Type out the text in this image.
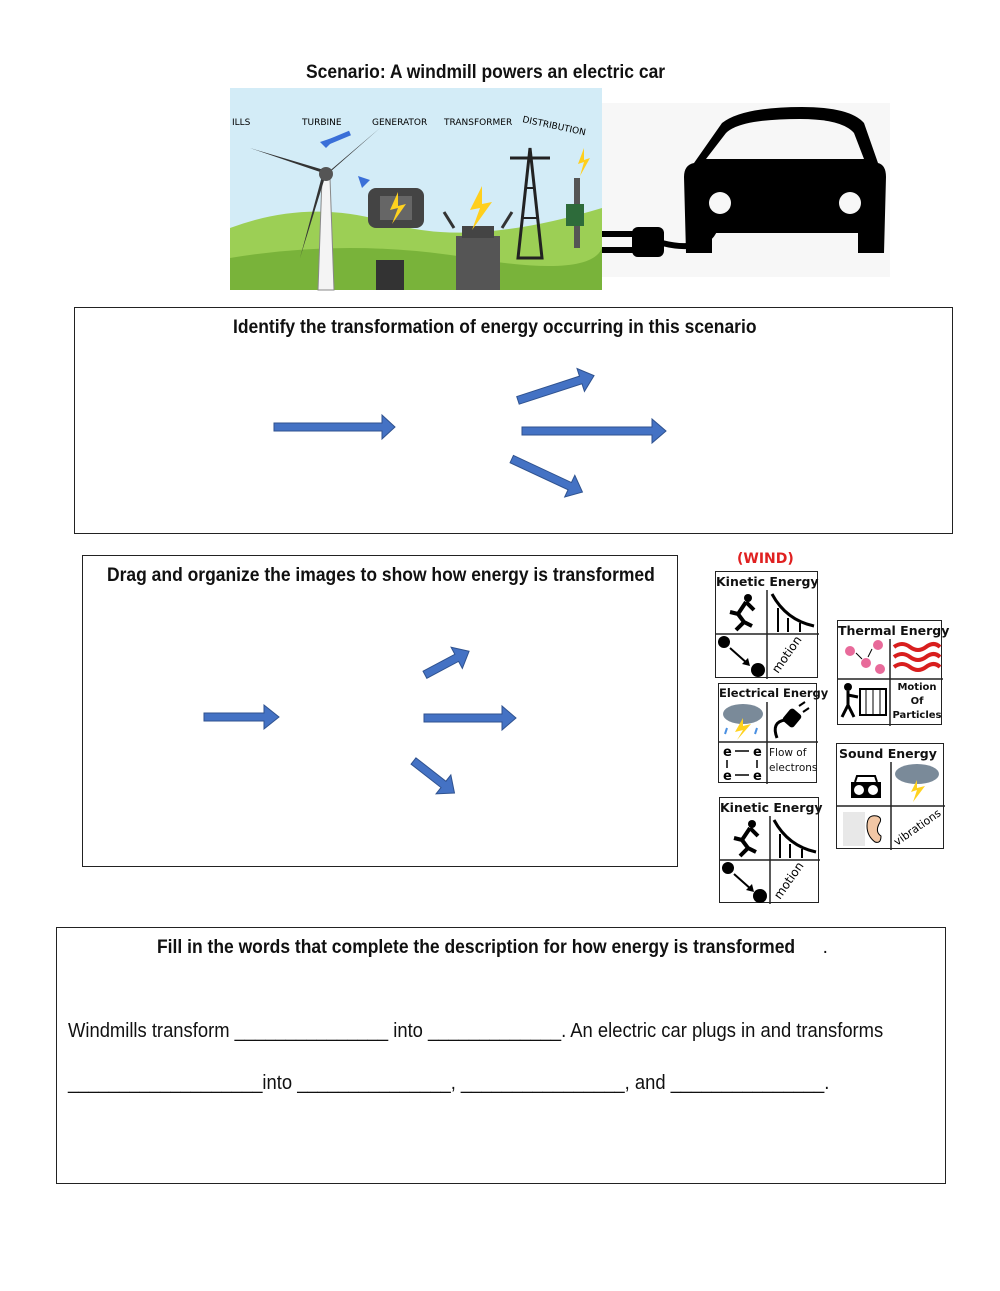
Scenario: A windmill powers an electric car
ILLS	TURBINE	GENERATOR TRANSFORMER DISTRIBUTION
Identify the transformation of energy occurring in this scenario
Drag and organize the images to show how energy is transformed
(WIND)
Kinetic Energy
motion
Thermal Energy
Motion Of Particles
Electrical Energy
e e
e e
Flow of electrons
Sound Energy
vibrations
Kinetic Energy
motion
Fill in the words that complete the description for how energy is transformed .
Windmills transform _______________ into _____________. An electric car plugs in and transforms
___________________into _______________, ________________, and _______________.
